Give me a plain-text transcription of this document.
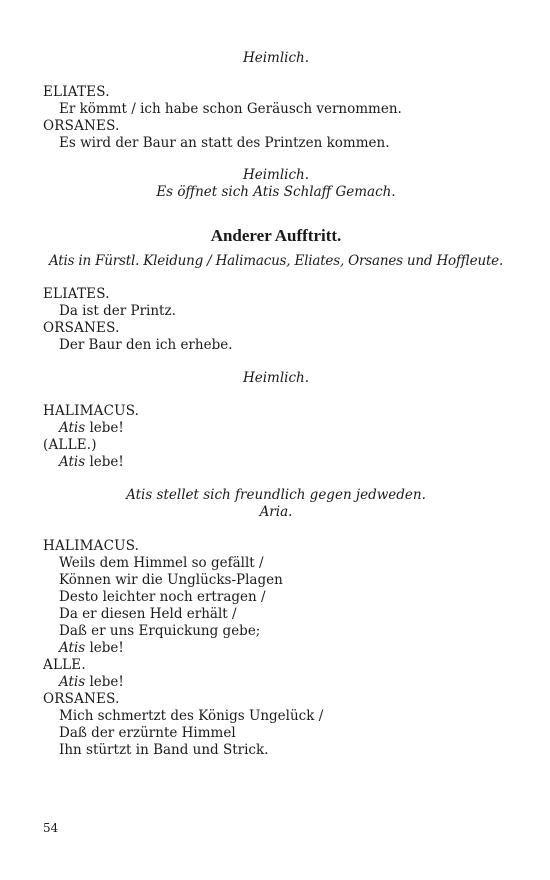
Heimlich.
ELIATES.
Er kömmt / ich habe schon Geräusch vernommen.
ORSANES.
Es wird der Baur an statt des Printzen kommen.
Heimlich.
Es öffnet sich Atis Schlaff Gemach.
Anderer Aufftritt.
Atis in Fürstl. Kleidung / Halimacus, Eliates, Orsanes und Hoffleute.
ELIATES.
Da ist der Printz.
ORSANES.
Der Baur den ich erhebe.
Heimlich.
HALIMACUS.
Atis lebe!
(ALLE.)
Atis lebe!
Atis stellet sich freundlich gegen jedweden.
Aria.
HALIMACUS.
Weils dem Himmel so gefällt /
Können wir die Unglücks-Plagen
Desto leichter noch ertragen /
Da er diesen Held erhält /
Daß er uns Erquickung gebe;
Atis lebe!
ALLE.
Atis lebe!
ORSANES.
Mich schmertzt des Königs Ungelück /
Daß der erzürnte Himmel
Ihn stürtzt in Band und Strick.
54
